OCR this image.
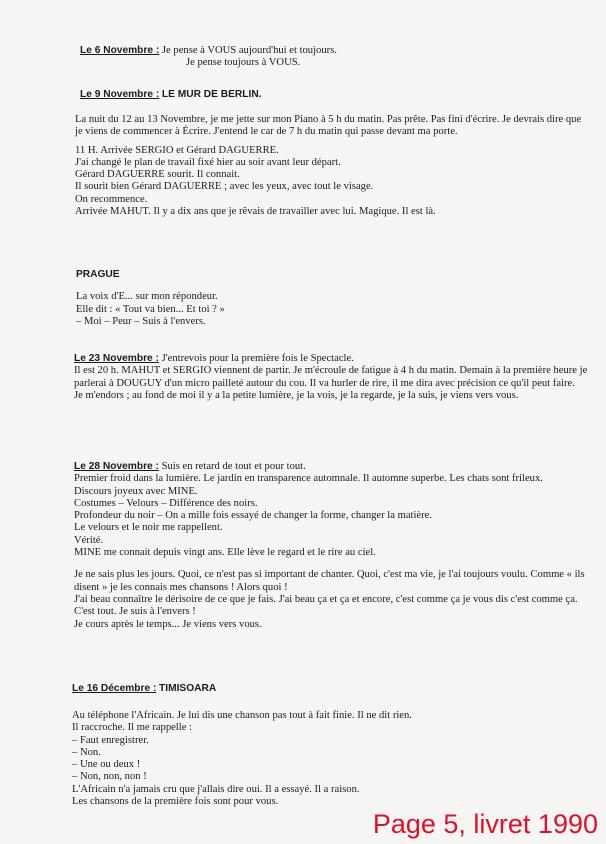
Le 6 Novembre : Je pense à VOUS aujourd'hui et toujours.
Je pense toujours à VOUS.
Le 9 Novembre : LE MUR DE BERLIN.
La nuit du 12 au 13 Novembre, je me jette sur mon Piano à 5 h du matin. Pas prête. Pas fini d'écrire. Je devrais dire que je viens de commencer à Écrire. J'entend le car de 7 h du matin qui passe devant ma porte.
11 H. Arrivée SERGIO et Gérard DAGUERRE.
J'ai changé le plan de travail fixé hier au soir avant leur départ.
Gérard DAGUERRE sourit. Il connait.
Il sourit bien Gérard DAGUERRE ; avec les yeux, avec tout le visage.
On recommence.
Arrivée MAHUT. Il y a dix ans que je rêvais de travailler avec lui. Magique. Il est là.
PRAGUE
La voix d'E... sur mon répondeur.
Elle dit : « Tout va bien... Et toi ? »
– Moi – Peur – Suis à l'envers.
Le 23 Novembre : J'entrevois pour la première fois le Spectacle.
Il est 20 h. MAHUT et SERGIO viennent de partir. Je m'écroule de fatigue à 4 h du matin. Demain à la première heure je parlerai à DOUGUY d'un micro pailleté autour du cou. Il va hurler de rire, il me dira avec précision ce qu'il peut faire.
Je m'endors ; au fond de moi il y a la petite lumière, je la vois, je la regarde, je la suis, je viens vers vous.
Le 28 Novembre : Suis en retard de tout et pour tout.
Premier froid dans la lumière. Le jardin en transparence automnale. Il automne superbe. Les chats sont frileux.
Discours joyeux avec MINE.
Costumes – Velours – Différence des noirs.
Profondeur du noir – On a mille fois essayé de changer la forme, changer la matière.
Le velours et le noir me rappellent.
Vérité.
MINE me connait depuis vingt ans. Elle lève le regard et le rire au ciel.
Je ne sais plus les jours. Quoi, ce n'est pas si important de chanter. Quoi, c'est ma vie, je l'ai toujours voulu. Comme « ils disent » je les connais mes chansons ! Alors quoi !
J'ai beau connaître le dérisoire de ce que je fais. J'ai beau ça et ça et encore, c'est comme ça je vous dis c'est comme ça.
C'est tout. Je suis à l'envers !
Je cours après le temps... Je viens vers vous.
Le 16 Décembre : TIMISOARA
Au téléphone l'Africain. Je lui dis une chanson pas tout à fait finie. Il ne dit rien.
Il raccroche. Il me rappelle :
– Faut enregistrer.
– Non.
– Une ou deux !
– Non, non, non !
L'Africain n'a jamais cru que j'allais dire oui. Il a essayé. Il a raison.
Les chansons de la première fois sont pour vous.
Page 5, livret 1990
